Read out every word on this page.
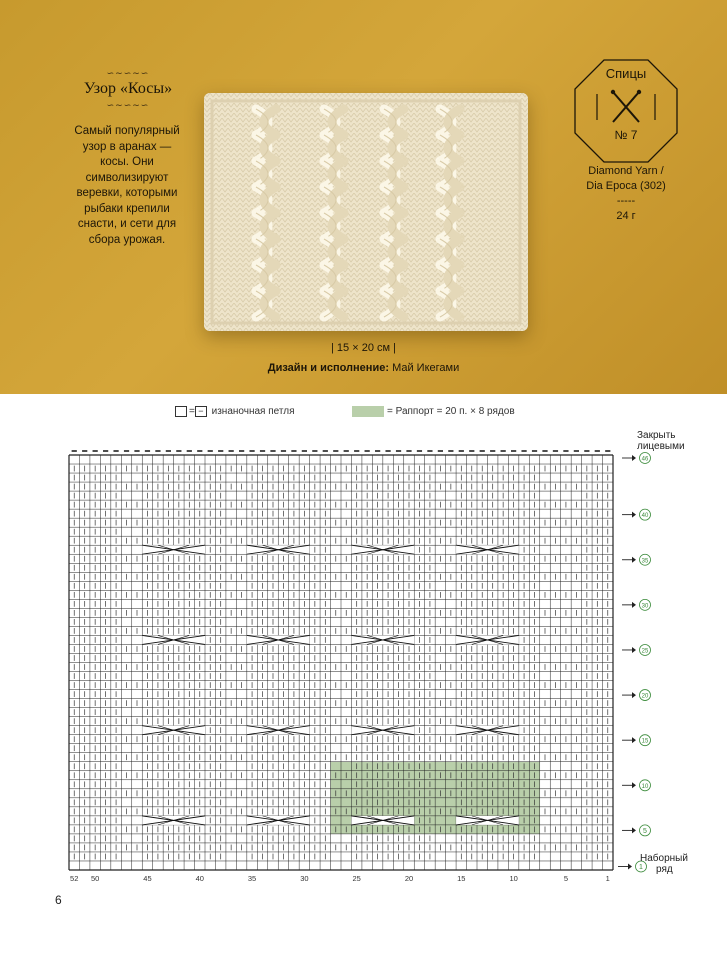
∽∼∽∼∽
Узор «Косы»
∽∼∽∼∽
Самый популярный узор в аранах — косы. Они символизируют веревки, которыми рыбаки крепили снасти, и сети для сбора урожая.
Спицы
№ 7
Diamond Yarn /
Dia Epoca (302)
-----
24 г
| 15 × 20 см |
Дизайн и исполнение: Май Икегами
= − изнаночная петля	= Раппорт = 20 п. × 8 рядов
52 50	45	40	35	30	25	20	15	10	5	1
46
40
35
30
25
20
15
10
5
1
Закрыть
лицевыми
Наборный
ряд
6
